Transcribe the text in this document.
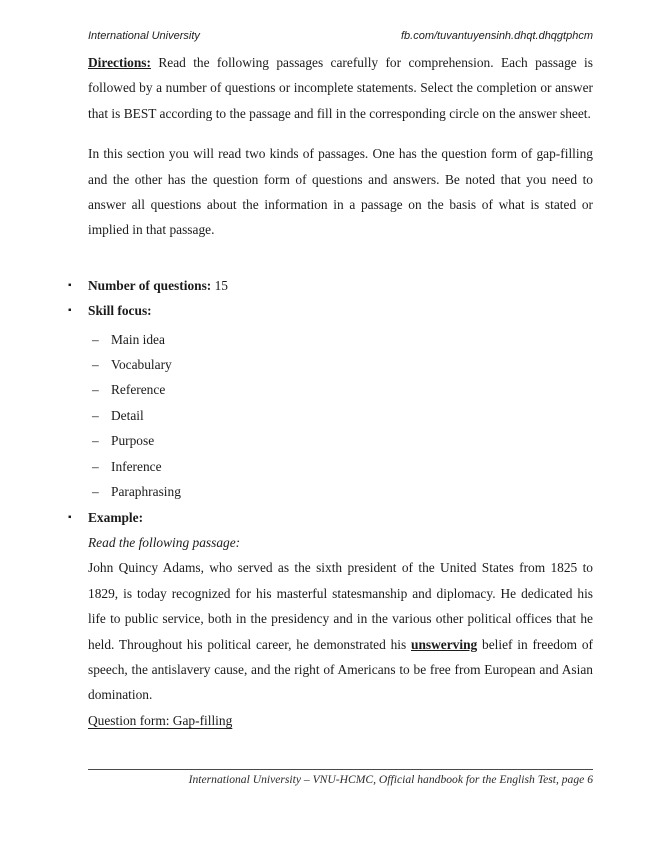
International University	fb.com/tuvantuyensinh.dhqt.dhqgtphcm

Directions: Read the following passages carefully for comprehension. Each passage is followed by a number of questions or incomplete statements. Select the completion or answer that is BEST according to the passage and fill in the corresponding circle on the answer sheet.

In this section you will read two kinds of passages. One has the question form of gap-filling and the other has the question form of questions and answers. Be noted that you need to answer all questions about the information in a passage on the basis of what is stated or implied in that passage.

▪	Number of questions: 15
▪	Skill focus:
– Main idea
– Vocabulary
– Reference
– Detail
– Purpose
– Inference
– Paraphrasing
▪	Example:

Read the following passage:

John Quincy Adams, who served as the sixth president of the United States from 1825 to 1829, is today recognized for his masterful statesmanship and diplomacy. He dedicated his life to public service, both in the presidency and in the various other political offices that he held. Throughout his political career, he demonstrated his unswerving belief in freedom of speech, the antislavery cause, and the right of Americans to be free from European and Asian domination.

Question form: Gap-filling

International University – VNU-HCMC, Official handbook for the English Test, page 6
